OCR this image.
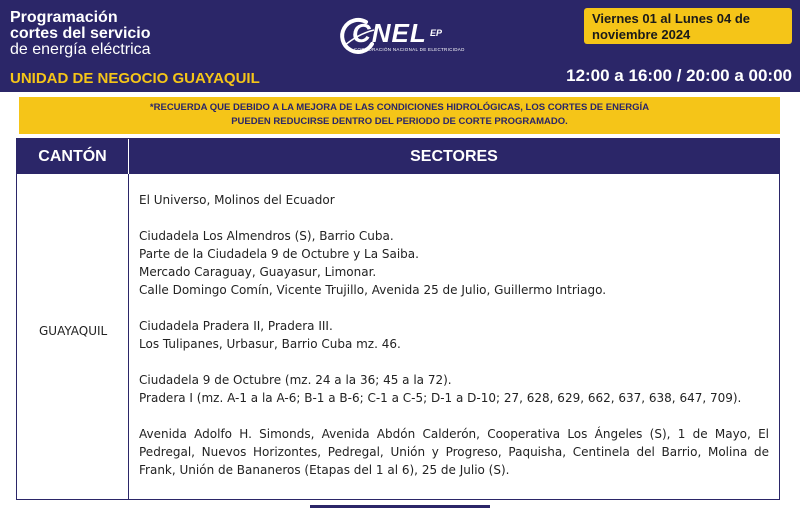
Programación
cortes del servicio
de energía eléctrica
UNIDAD DE NEGOCIO GUAYAQUIL
CNEL EP
CORPORACIÓN NACIONAL DE ELECTRICIDAD
Viernes 01 al Lunes 04 de
noviembre 2024
12:00 a 16:00 / 20:00 a 00:00
*RECUERDA QUE DEBIDO A LA MEJORA DE LAS CONDICIONES HIDROLÓGICAS, LOS CORTES DE ENERGÍA
PUEDEN REDUCIRSE DENTRO DEL PERIODO DE CORTE PROGRAMADO.
CANTÓN	SECTORES
GUAYAQUIL
El Universo, Molinos del Ecuador
Ciudadela Los Almendros (S), Barrio Cuba.
Parte de la Ciudadela 9 de Octubre y La Saiba.
Mercado Caraguay, Guayasur, Limonar.
Calle Domingo Comín, Vicente Trujillo, Avenida 25 de Julio, Guillermo Intriago.
Ciudadela Pradera II, Pradera III.
Los Tulipanes, Urbasur, Barrio Cuba mz. 46.
Ciudadela 9 de Octubre (mz. 24 a la 36; 45 a la 72).
Pradera I (mz. A-1 a la A-6; B-1 a B-6; C-1 a C-5; D-1 a D-10; 27, 628, 629, 662, 637, 638, 647, 709).
Avenida Adolfo H. Simonds, Avenida Abdón Calderón, Cooperativa Los Ángeles (S), 1 de Mayo, El Pedregal, Nuevos Horizontes, Pedregal, Unión y Progreso, Paquisha, Centinela del Barrio, Molina de Frank, Unión de Bananeros (Etapas del 1 al 6), 25 de Julio (S).
